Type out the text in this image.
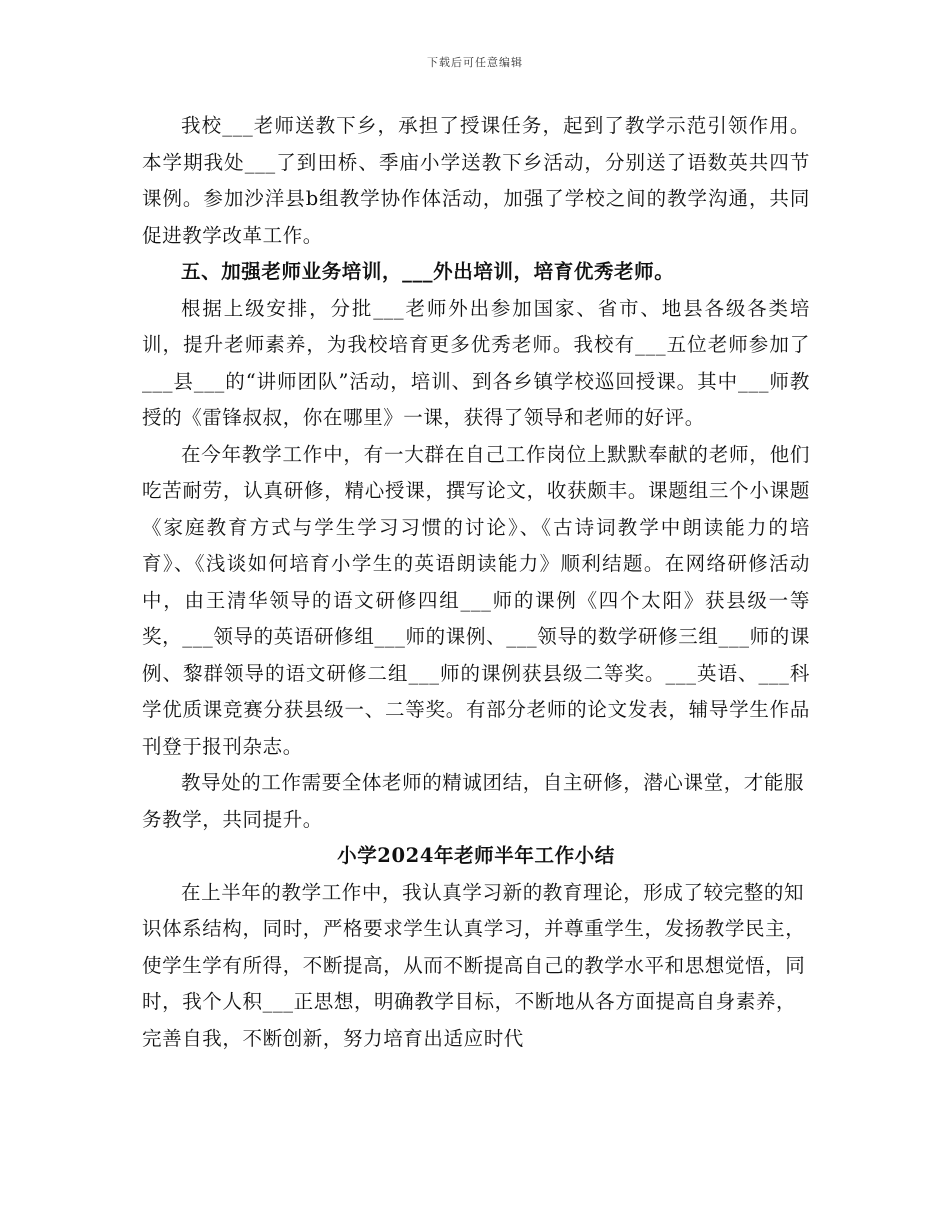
下载后可任意编辑

我校___老师送教下乡，承担了授课任务，起到了教学示范引领作用。本学期我处___了到田桥、季庙小学送教下乡活动，分别送了语数英共四节课例。参加沙洋县b组教学协作体活动，加强了学校之间的教学沟通，共同促进教学改革工作。

五、加强老师业务培训，___外出培训，培育优秀老师。

根据上级安排，分批___老师外出参加国家、省市、地县各级各类培训，提升老师素养，为我校培育更多优秀老师。我校有___五位老师参加了___县___的“讲师团队”活动，培训、到各乡镇学校巡回授课。其中___师教授的《雷锋叔叔，你在哪里》一课，获得了领导和老师的好评。

在今年教学工作中，有一大群在自己工作岗位上默默奉献的老师，他们吃苦耐劳，认真研修，精心授课，撰写论文，收获颇丰。课题组三个小课题《家庭教育方式与学生学习习惯的讨论》、《古诗词教学中朗读能力的培育》、《浅谈如何培育小学生的英语朗读能力》顺利结题。在网络研修活动中，由王清华领导的语文研修四组___师的课例《四个太阳》获县级一等奖，___领导的英语研修组___师的课例、___领导的数学研修三组___师的课例、黎群领导的语文研修二组___师的课例获县级二等奖。___英语、___科学优质课竞赛分获县级一、二等奖。有部分老师的论文发表，辅导学生作品刊登于报刊杂志。

教导处的工作需要全体老师的精诚团结，自主研修，潜心课堂，才能服务教学，共同提升。

小学2024年老师半年工作小结

在上半年的教学工作中，我认真学习新的教育理论，形成了较完整的知识体系结构，同时，严格要求学生认真学习，并尊重学生，发扬教学民主，使学生学有所得，不断提高，从而不断提高自己的教学水平和思想觉悟，同时，我个人积___正思想，明确教学目标，不断地从各方面提高自身素养，完善自我，不断创新，努力培育出适应时代
